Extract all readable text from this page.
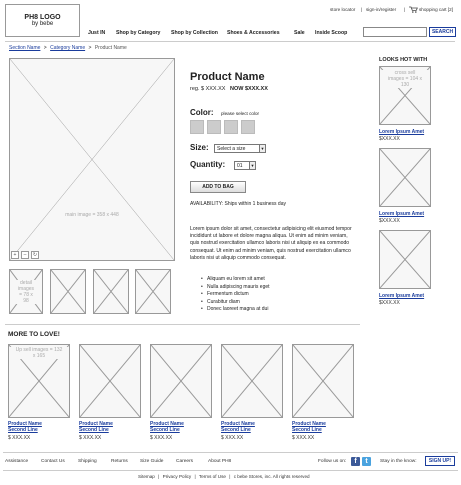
PH8 LOGO
by bebe
store locator | sign-in/register |	shopping cart [2]
Just IN Shop by Category Shop by Collection Shoes & Accessories	Sale Inside Scoop	SEARCH
Section Name > Category Name > Product Name
main image = 358 x 448
+	–	↻
detail images = 78 x 98
Product Name
reg. $ XXX.XX NOW $XXX.XX
Color: please select color
Size:	Select a size	▼
Quantity:	01	▼
ADD TO BAG
AVAILABILITY: Ships within 1 business day
Lorem ipsum dolor sit amet, consectetur adipisicing elit eiusmod tempor incididunt ut labore et dolore magna aliqua. Ut enim ad minim veniam, quis nostrud exercitation ullamco laboris nisi ut aliquip ex ea commodo consequat. Ut enim ad minim veniam, quis nostrud exercitation ullamco laboris nisi ut aliquip commodo consequat.
• Aliquam eu lorem sit amet
• Nulla adipiscing mauris eget
• Fermentum dictum
• Curabitur diam
• Donec laoreet magna at dui
LOOKS HOT WITH
cross sell images = 104 x 130
Lorem Ipsum Amet
$XXX.XX
Lorem Ipsum Amet
$XXX.XX
Lorem Ipsum Amet
$XXX.XX
MORE TO LOVE!
Up sell images = 132 x 165
Product Name
Second Line
$ XXX.XX
Product Name
Second Line
$ XXX.XX
Product Name
Second Line
$ XXX.XX
Product Name
Second Line
$ XXX.XX
Product Name
Second Line
$ XXX.XX
Assistance	Contact Us	Shipping	Returns	Size Guide	Careers	About PH8	Follow us on:	f	t	Stay in the know:	SIGN UP!
Sitemap | Privacy Policy | Terms of Use | c bebe Stores, inc. All rights reserved
